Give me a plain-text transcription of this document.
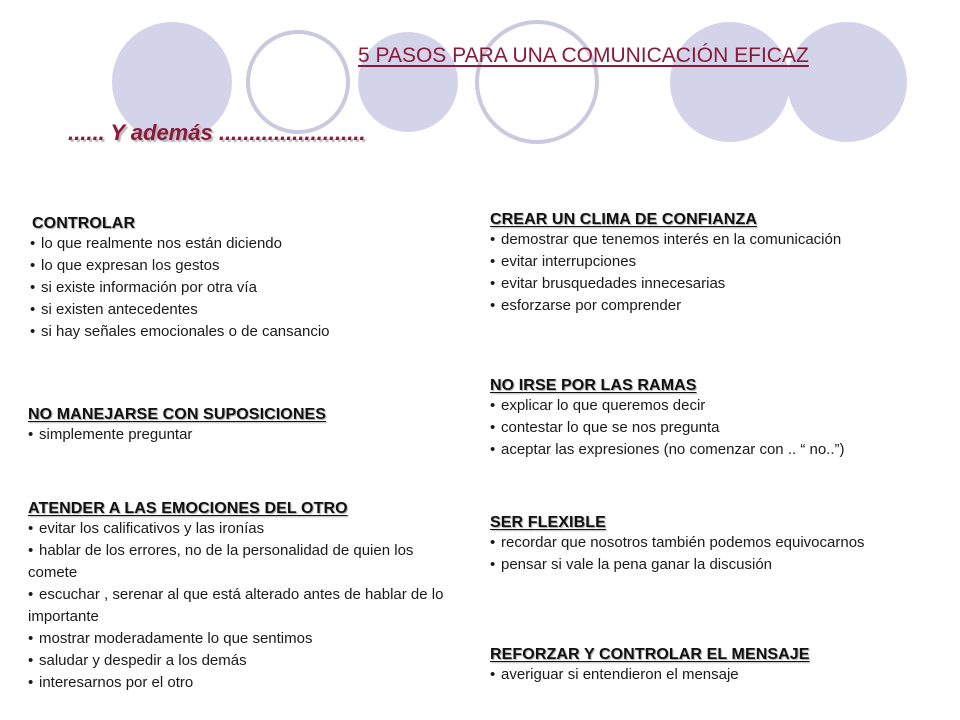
5 PASOS PARA UNA COMUNICACIÓN EFICAZ
...... Y además ........................
CONTROLAR
• lo que realmente nos están diciendo
• lo que expresan los gestos
• si existe información por otra vía
• si existen antecedentes
• si hay señales emocionales o de cansancio
NO MANEJARSE CON SUPOSICIONES
• simplemente preguntar
ATENDER A LAS EMOCIONES DEL OTRO
• evitar los calificativos y las ironías
• hablar de los errores, no de la personalidad de quien los comete
• escuchar , serenar al que está alterado antes de hablar de lo importante
• mostrar moderadamente lo que sentimos
• saludar y despedir a los demás
• interesarnos por el otro
CREAR UN CLIMA DE CONFIANZA
• demostrar que tenemos interés en la comunicación
• evitar interrupciones
• evitar brusquedades innecesarias
• esforzarse por comprender
NO IRSE POR LAS RAMAS
• explicar lo que queremos decir
• contestar lo que se nos pregunta
• aceptar las expresiones (no comenzar con .. “ no..”)
SER FLEXIBLE
• recordar que nosotros también podemos equivocarnos
• pensar si vale la pena ganar la discusión
REFORZAR Y CONTROLAR EL MENSAJE
• averiguar si entendieron el mensaje
